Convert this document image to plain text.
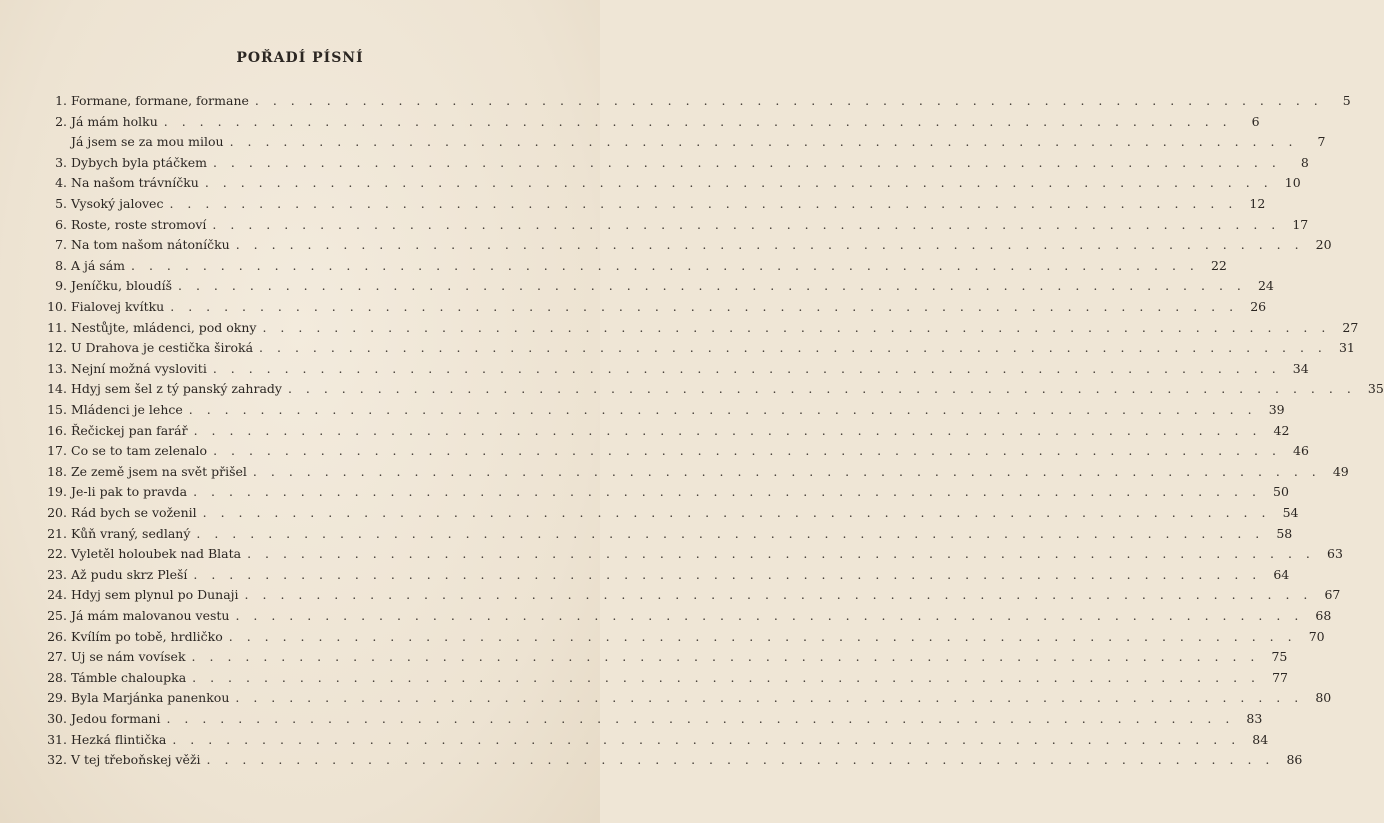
POŘADÍ PÍSNÍ
1. Formane, formane, formane . . . . . . . . . . . . . . . . . . . . . . . . . . . . . . . . . . . . . . . . . . . . . . . . . . . . . . . . . . . .	5
2. Já mám holku . . . . . . . . . . . . . . . . . . . . . . . . . . . . . . . . . . . . . . . . . . . . . . . . . . . . . . . . . . . .	6
Já jsem se za mou milou . . . . . . . . . . . . . . . . . . . . . . . . . . . . . . . . . . . . . . . . . . . . . . . . . . . . . . . . . . . .	7
3. Dybych byla ptáčkem . . . . . . . . . . . . . . . . . . . . . . . . . . . . . . . . . . . . . . . . . . . . . . . . . . . . . . . . . . . .	8
4. Na našom trávníčku . . . . . . . . . . . . . . . . . . . . . . . . . . . . . . . . . . . . . . . . . . . . . . . . . . . . . . . . . . . . 10
5. Vysoký jalovec . . . . . . . . . . . . . . . . . . . . . . . . . . . . . . . . . . . . . . . . . . . . . . . . . . . . . . . . . . . . 12
6. Roste, roste stromoví . . . . . . . . . . . . . . . . . . . . . . . . . . . . . . . . . . . . . . . . . . . . . . . . . . . . . . . . . . . . 17
7. Na tom našom nátoníčku . . . . . . . . . . . . . . . . . . . . . . . . . . . . . . . . . . . . . . . . . . . . . . . . . . . . . . . . . . . . 20
8. A já sám . . . . . . . . . . . . . . . . . . . . . . . . . . . . . . . . . . . . . . . . . . . . . . . . . . . . . . . . . . . . 22
9. Jeníčku, bloudíš . . . . . . . . . . . . . . . . . . . . . . . . . . . . . . . . . . . . . . . . . . . . . . . . . . . . . . . . . . . . 24
10. Fialovej kvítku . . . . . . . . . . . . . . . . . . . . . . . . . . . . . . . . . . . . . . . . . . . . . . . . . . . . . . . . . . . . 26
11. Nestůjte, mládenci, pod okny . . . . . . . . . . . . . . . . . . . . . . . . . . . . . . . . . . . . . . . . . . . . . . . . . . . . . . . . . . . . 27
12. U Drahova je cestička široká . . . . . . . . . . . . . . . . . . . . . . . . . . . . . . . . . . . . . . . . . . . . . . . . . . . . . . . . . . . . 31
13. Nejní možná vysloviti . . . . . . . . . . . . . . . . . . . . . . . . . . . . . . . . . . . . . . . . . . . . . . . . . . . . . . . . . . . . 34
14. Hdyj sem šel z tý panský zahrady . . . . . . . . . . . . . . . . . . . . . . . . . . . . . . . . . . . . . . . . . . . . . . . . . . . . . . . . . . . . 35
15. Mládenci je lehce . . . . . . . . . . . . . . . . . . . . . . . . . . . . . . . . . . . . . . . . . . . . . . . . . . . . . . . . . . . . 39
16. Řečickej pan farář . . . . . . . . . . . . . . . . . . . . . . . . . . . . . . . . . . . . . . . . . . . . . . . . . . . . . . . . . . . . 42
17. Co se to tam zelenalo . . . . . . . . . . . . . . . . . . . . . . . . . . . . . . . . . . . . . . . . . . . . . . . . . . . . . . . . . . . . 46
18. Ze země jsem na svět přišel . . . . . . . . . . . . . . . . . . . . . . . . . . . . . . . . . . . . . . . . . . . . . . . . . . . . . . . . . . . . 49
19. Je-li pak to pravda . . . . . . . . . . . . . . . . . . . . . . . . . . . . . . . . . . . . . . . . . . . . . . . . . . . . . . . . . . . . 50
20. Rád bych se voženil . . . . . . . . . . . . . . . . . . . . . . . . . . . . . . . . . . . . . . . . . . . . . . . . . . . . . . . . . . . . 54
21. Kůň vraný, sedlaný . . . . . . . . . . . . . . . . . . . . . . . . . . . . . . . . . . . . . . . . . . . . . . . . . . . . . . . . . . . . 58
22. Vyletěl holoubek nad Blata . . . . . . . . . . . . . . . . . . . . . . . . . . . . . . . . . . . . . . . . . . . . . . . . . . . . . . . . . . . . 63
23. Až pudu skrz Pleší . . . . . . . . . . . . . . . . . . . . . . . . . . . . . . . . . . . . . . . . . . . . . . . . . . . . . . . . . . . . 64
24. Hdyj sem plynul po Dunaji . . . . . . . . . . . . . . . . . . . . . . . . . . . . . . . . . . . . . . . . . . . . . . . . . . . . . . . . . . . . 67
25. Já mám malovanou vestu . . . . . . . . . . . . . . . . . . . . . . . . . . . . . . . . . . . . . . . . . . . . . . . . . . . . . . . . . . . . 68
26. Kvílím po tobě, hrdličko . . . . . . . . . . . . . . . . . . . . . . . . . . . . . . . . . . . . . . . . . . . . . . . . . . . . . . . . . . . . 70
27. Uj se nám vovísek . . . . . . . . . . . . . . . . . . . . . . . . . . . . . . . . . . . . . . . . . . . . . . . . . . . . . . . . . . . . 75
28. Támble chaloupka . . . . . . . . . . . . . . . . . . . . . . . . . . . . . . . . . . . . . . . . . . . . . . . . . . . . . . . . . . . . 77
29. Byla Marjánka panenkou . . . . . . . . . . . . . . . . . . . . . . . . . . . . . . . . . . . . . . . . . . . . . . . . . . . . . . . . . . . . 80
30. Jedou formani . . . . . . . . . . . . . . . . . . . . . . . . . . . . . . . . . . . . . . . . . . . . . . . . . . . . . . . . . . . . 83
31. Hezká flintička . . . . . . . . . . . . . . . . . . . . . . . . . . . . . . . . . . . . . . . . . . . . . . . . . . . . . . . . . . . . 84
32. V tej třeboňskej věži . . . . . . . . . . . . . . . . . . . . . . . . . . . . . . . . . . . . . . . . . . . . . . . . . . . . . . . . . . . . 86
